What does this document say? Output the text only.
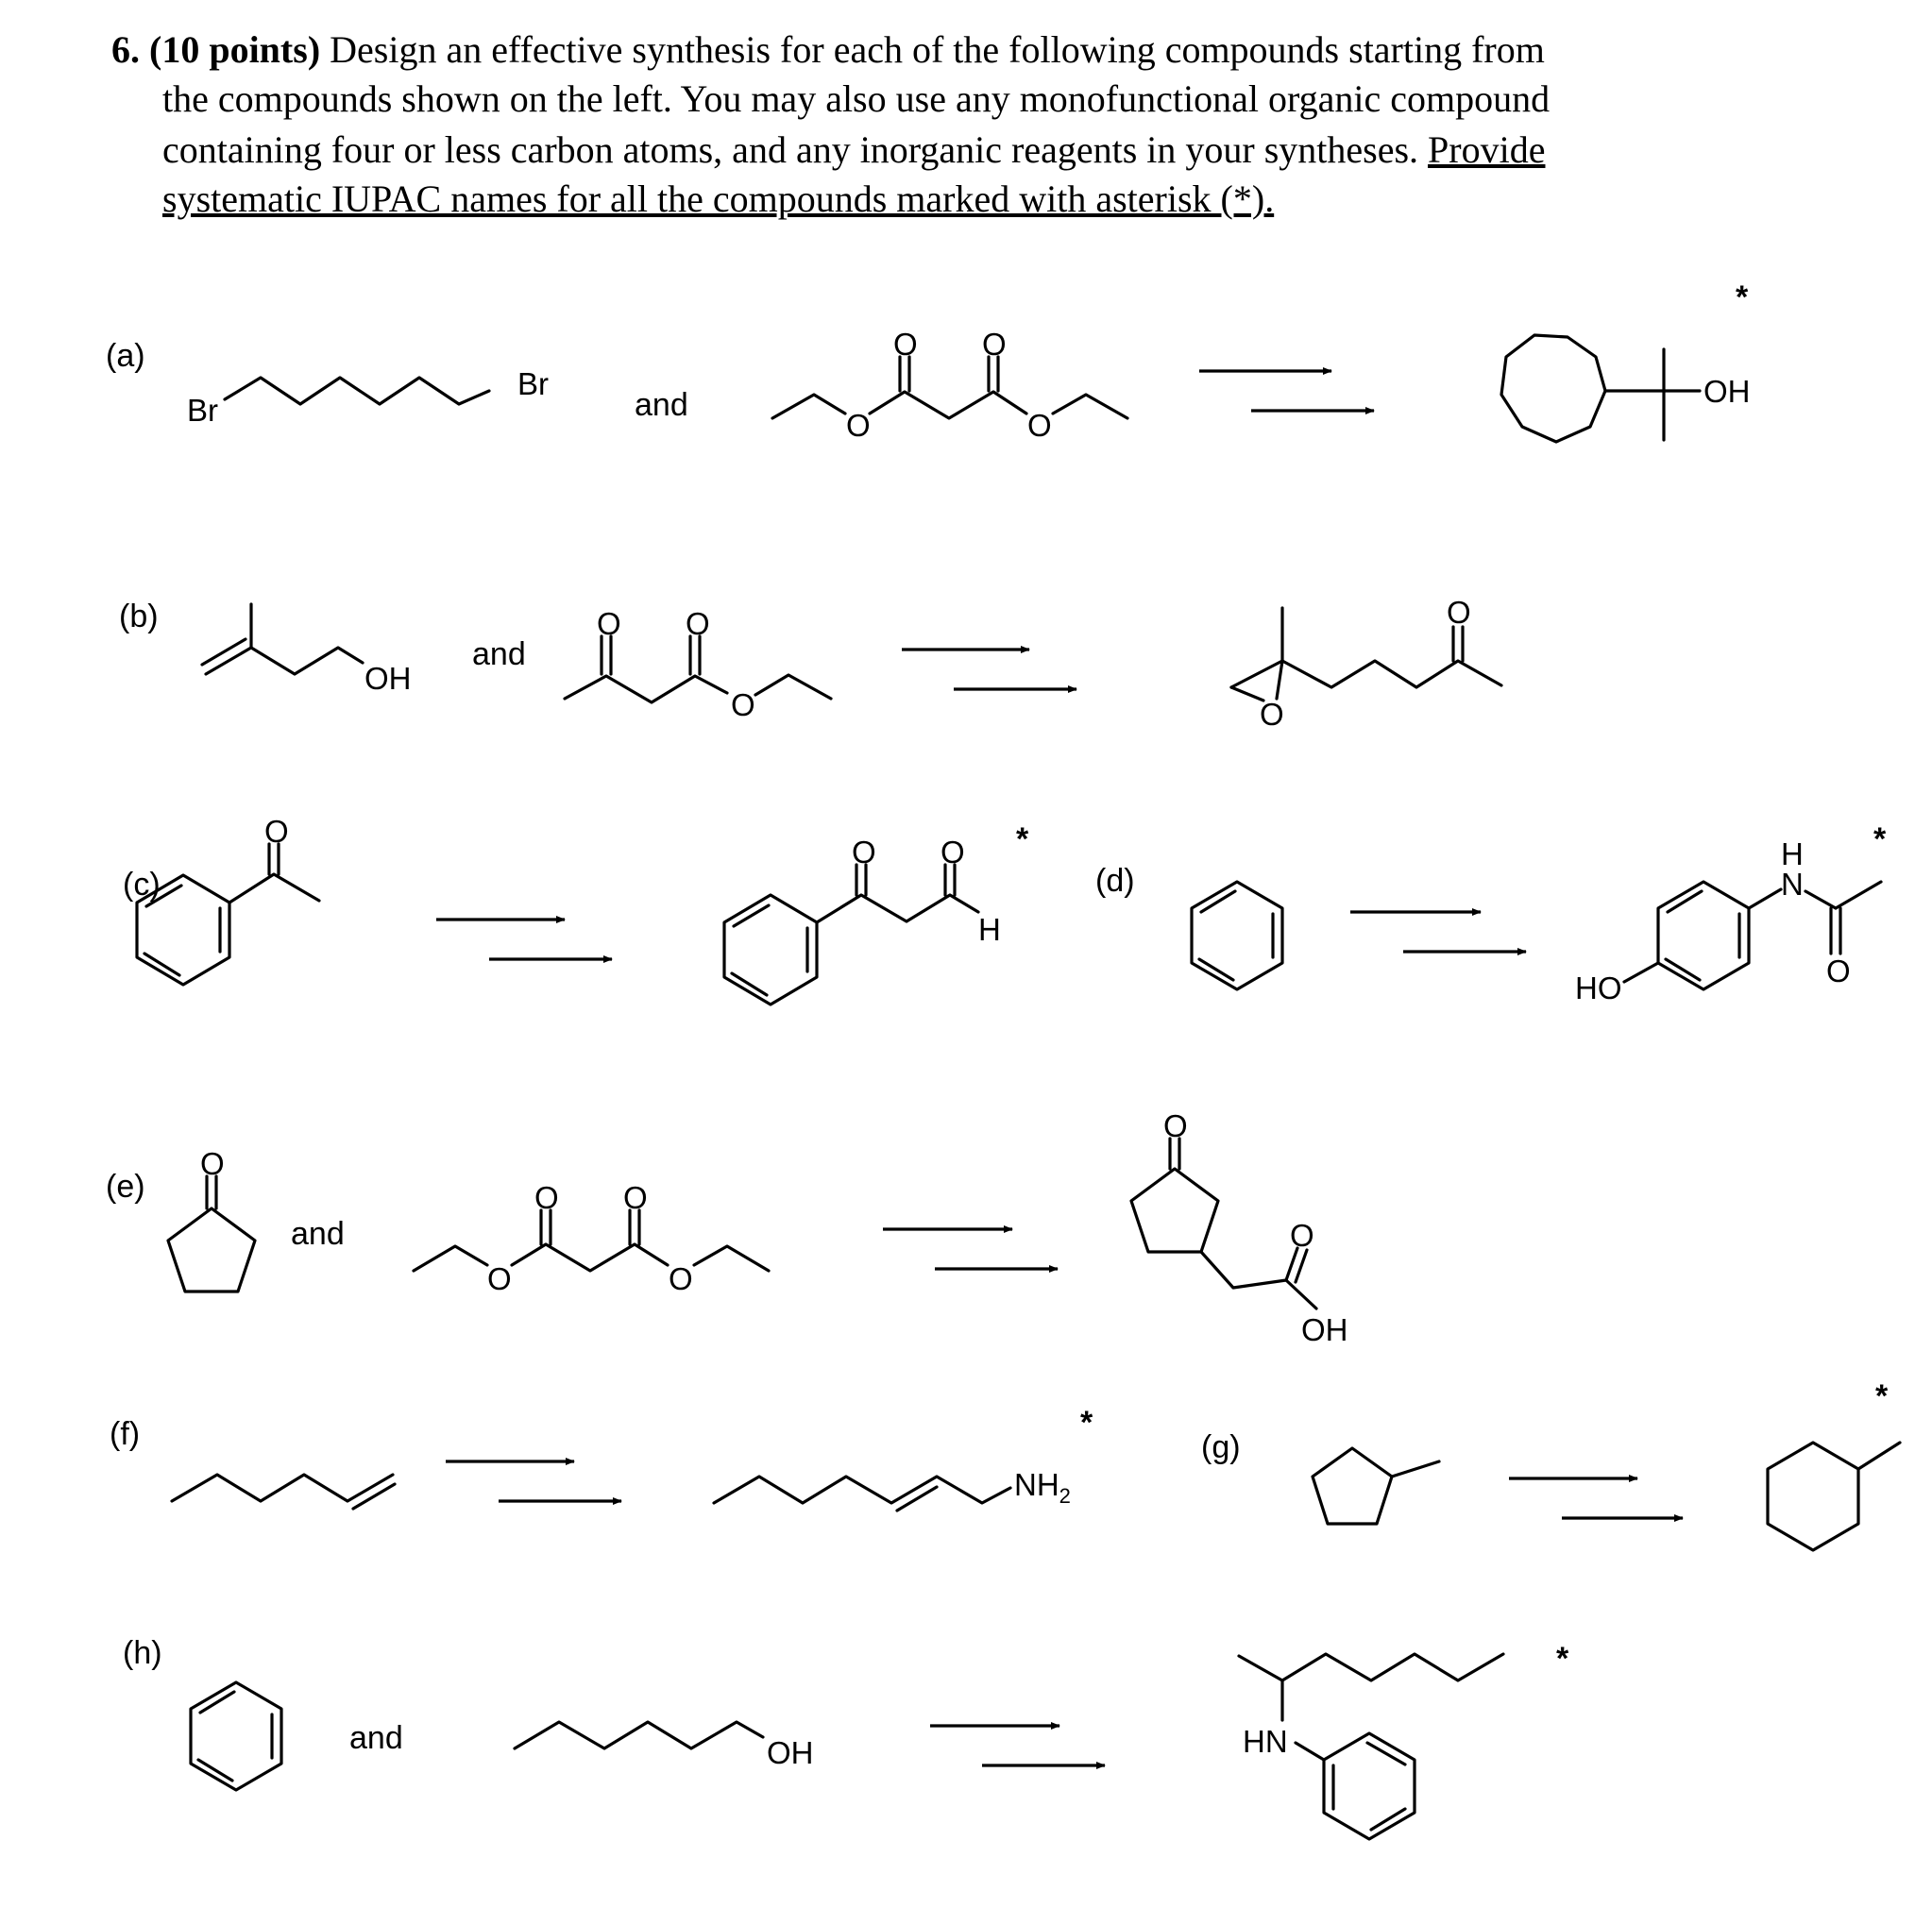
6. (10 points) Design an effective synthesis for each of the following compounds starting from
the compounds shown on the left. You may also use any monofunctional organic compound
containing four or less carbon atoms, and any inorganic reagents in your syntheses. Provide
systematic IUPAC names for all the compounds marked with asterisk (*).
(a)
Br
Br
and
O O
O	O
OH
*
(b)
OH
and
O O
O
O
O
(c)
O
O O
H
*
(d)
HO
H
N
O
*
(e)
O
and
O O
O	O
O
O
OH
(f)
$NH_2$
*
(g)
*
(h)
and	OH	HN
*
